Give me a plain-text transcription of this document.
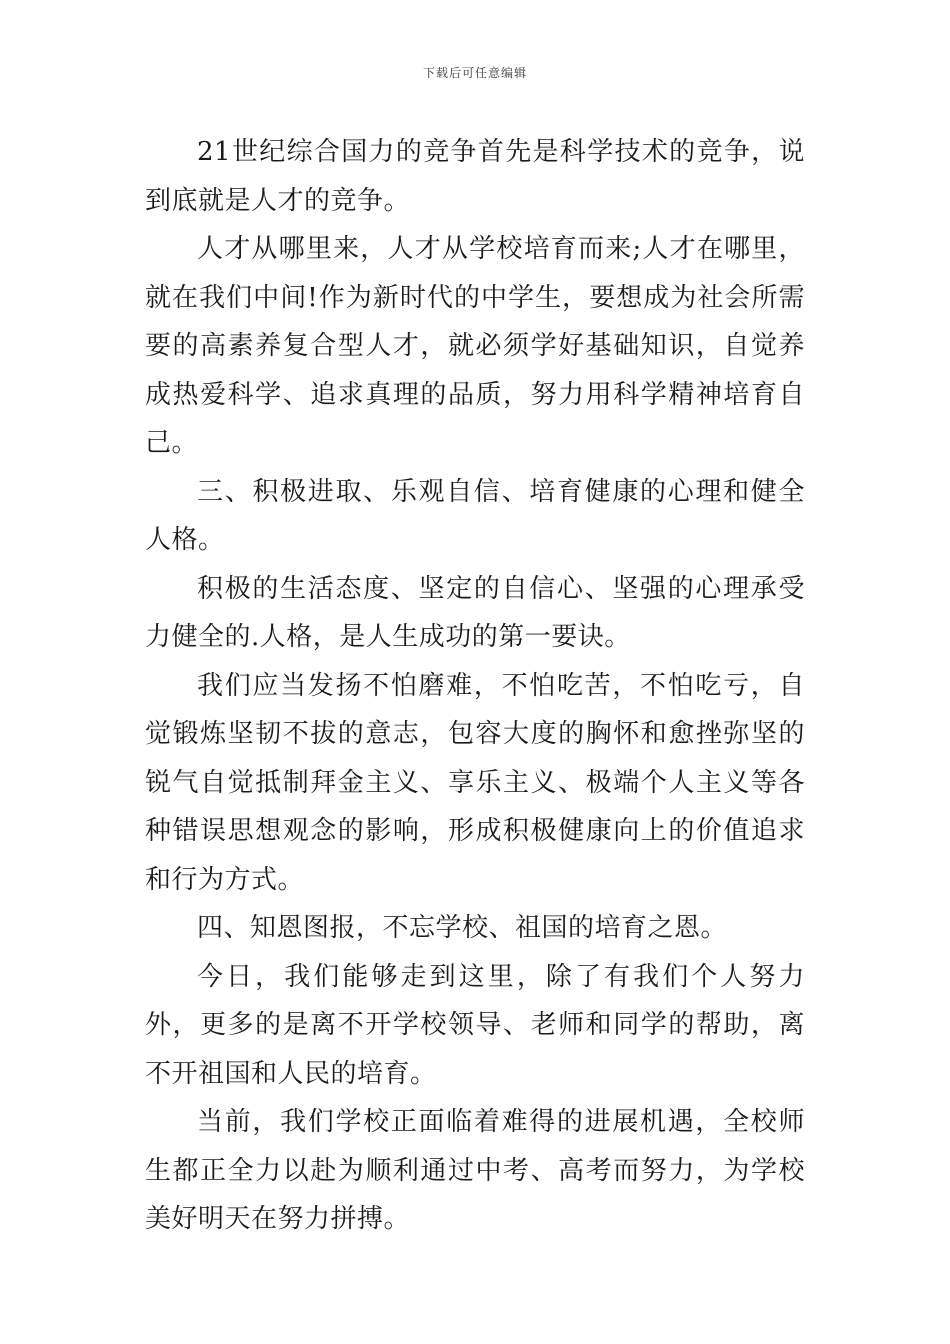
下载后可任意编辑

21世纪综合国力的竞争首先是科学技术的竞争，说到底就是人才的竞争。

人才从哪里来，人才从学校培育而来;人才在哪里，就在我们中间!作为新时代的中学生，要想成为社会所需要的高素养复合型人才，就必须学好基础知识，自觉养成热爱科学、追求真理的品质，努力用科学精神培育自己。

三、积极进取、乐观自信、培育健康的心理和健全人格。

积极的生活态度、坚定的自信心、坚强的心理承受力健全的.人格，是人生成功的第一要诀。

我们应当发扬不怕磨难，不怕吃苦，不怕吃亏，自觉锻炼坚韧不拔的意志，包容大度的胸怀和愈挫弥坚的锐气自觉抵制拜金主义、享乐主义、极端个人主义等各种错误思想观念的影响，形成积极健康向上的价值追求和行为方式。

四、知恩图报，不忘学校、祖国的培育之恩。

今日，我们能够走到这里，除了有我们个人努力外，更多的是离不开学校领导、老师和同学的帮助，离不开祖国和人民的培育。

当前，我们学校正面临着难得的进展机遇，全校师生都正全力以赴为顺利通过中考、高考而努力，为学校美好明天在努力拼搏。
